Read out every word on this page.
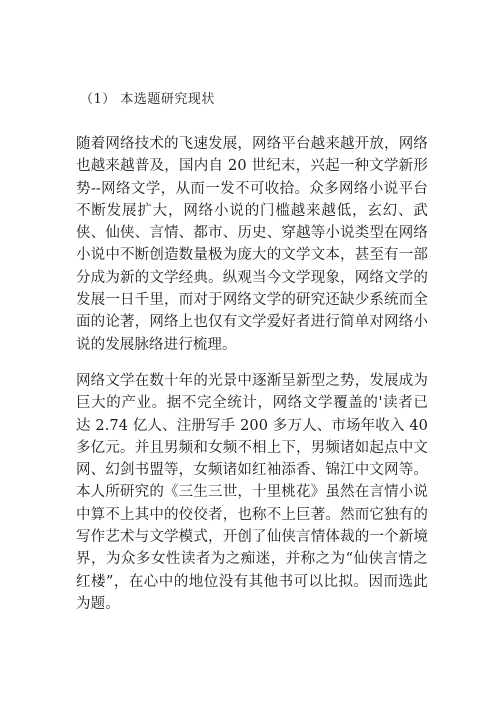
（1） 本选题研究现状

随着网络技术的飞速发展，网络平台越来越开放，网络也越来越普及，国内自 20 世纪末，兴起一种文学新形势--网络文学，从而一发不可收拾。众多网络小说平台不断发展扩大，网络小说的门槛越来越低，玄幻、武侠、仙侠、言情、都市、历史、穿越等小说类型在网络小说中不断创造数量极为庞大的文学文本，甚至有一部分成为新的文学经典。纵观当今文学现象，网络文学的发展一日千里，而对于网络文学的研究还缺少系统而全面的论著，网络上也仅有文学爱好者进行简单对网络小说的发展脉络进行梳理。

网络文学在数十年的光景中逐渐呈新型之势，发展成为巨大的产业。据不完全统计，网络文学覆盖的'读者已达 2.74 亿人、注册写手 200 多万人、市场年收入 40 多亿元。并且男频和女频不相上下，男频诸如起点中文网、幻剑书盟等，女频诸如红袖添香、锦江中文网等。本人所研究的《三生三世，十里桃花》虽然在言情小说中算不上其中的佼佼者，也称不上巨著。然而它独有的写作艺术与文学模式，开创了仙侠言情体裁的一个新境界，为众多女性读者为之痴迷，并称之为“仙侠言情之红楼”，在心中的地位没有其他书可以比拟。因而选此为题。
